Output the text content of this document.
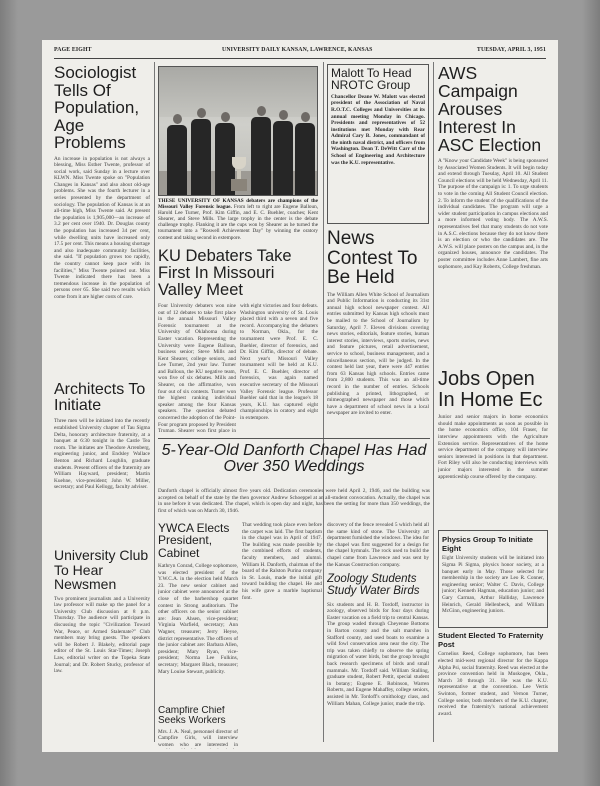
PAGE EIGHT	UNIVERSITY DAILY KANSAN, LAWRENCE, KANSAS	TUESDAY, APRIL 3, 1951
Sociologist Tells Of Population, Age Problems
An increase in population is not always a blessing, Miss Esther Twente, professor of social work, said Sunday in a lecture over KLWN. Miss Twente spoke on "Population Changes in Kansas" and also about old-age problems. She was the fourth lecturer in a series presented by the department of sociology. The population of Kansas is at an all-time high, Miss Twente said. At present the population is 1,905,000—an increase of 3.2 per cent over 1940. Dr. Douglas county the population has increased 34 per cent, while dwelling units have increased only 17.5 per cent. This means a housing shortage and also inadequate community facilities, she said. "If population grows too rapidly, the country cannot keep pace with its facilities," Miss Twente pointed out. Miss Twente indicated there has been a tremendous increase in the population of persons over 65. She said two results which come from it are higher costs of care.
Architects To Initiate
Three men will be initiated into the recently established University chapter of Tau Sigma Delta, honorary architecture fraternity, at a banquet at 6:30 tonight in the Castle Tea room. The initiates are Theodore Arrenberg, engineering junior, and Endsley Wallace Benton and Richard Loughlin, graduate students. Present officers of the fraternity are William Hayward, president; Martin Kuehne, vice-president; John W. Miller, secretary; and Paul Kellogg, faculty adviser.
University Club To Hear Newsmen
Two prominent journalists and a University law professor will make up the panel for a University Club discussion at 8 p.m. Thursday. The audience will participate in discussing the topic "Civilization Toward War, Peace, or Armed Stalemate?" Club members may bring guests. The speakers will be Robert J. Blakely, editorial page editor of the St. Louis Star-Times; Joseph Law, editorial writer on the Topeka State Journal; and Dr. Robert Stucky, professor of law.
THESE UNIVERSITY OF KANSAS debaters are champions of the Missouri Valley Forensic league. From left to right are Eugene Balloun, Harold Lee Turner, Prof. Kim Giffin, and E. C. Buehler, coaches; Kent Shearer, and Steve Mills. The large trophy in the center is the debate challenge trophy. Flanking it are the cups won by Shearer as he turned the tournament into a "Roswell Achievement Day" by winning the oratory contest and taking second in extempore.
KU Debaters Take First In Missouri Valley Meet
Four University debaters won nine out of 12 debates to take first place in the annual Missouri Valley Forensic tournament at the University of Oklahoma during Easter vacation. Representing the University were Eugene Balloun, business senior; Steve Mills and Kent Shearer, college seniors, and Lee Turner, 2nd year law. Turner and Balloun, the KU negative team, won five of six debates. Mills and Shearer, on the affirmative, won four out of six contests. Turner won the highest ranking individual speaker among the four Kansas speakers. The question debated concerned the adoption of the Point-Four program proposed by President Truman. Shearer won first place in
with eight victories and four defeats. Washington university of St. Louis placed third with a seven and five record. Accompanying the debaters to Norman, Okla., for the tournament were Prof. E. C. Buehler, director of forensics, and Dr. Kim Giffin, director of debate. Next year's Missouri Valley tournament will be held at K.U. Prof. E. C. Buehler, director of forensics, was again named executive secretary of the Missouri Valley Forensic league. Professor Buehler said that in the league's 18 years, K.U. has captured eight championships in oratory and eight in extempore.
5-Year-Old Danforth Chapel Has Had Over 350 Weddings
Danforth chapel is officially almost five years old. Dedication ceremonies were held April 2, 1946, and the building was accepted on behalf of the state by the then governor Andrew Schoeppel at an all-student convocation. Actually, the chapel was in use before it was dedicated. The chapel, which is open day and night, has been the setting for more than 350 weddings, the first of which was on March 30, 1946.
YWCA Elects President, Cabinet
Kathryn Conrad, College sophomore, was elected president of the Y.W.C.A. in the election held March 23. The new senior cabinet and junior cabinet were announced at the close of the barbershop quartet contest in Strong auditorium. The other officers on the senior cabinet are: Jean Ahsen, vice-president; Virginia Warfield, secretary; Ann Wagner, treasurer; Jerry Heyse, district representative. The officers of the junior cabinet are: Barbara Allen, president; Mary Ryan, vice-president; Norma Lee Fulkins, secretary; Margaret Black, treasurer; Mary Louise Stewart, publicity.
Campfire Chief Seeks Workers
Mrs. J. A. Neal, personnel director of Campfire Girls, will interview women who are interested in
That wedding took place even before the carpet was laid. The first baptism in the chapel was in April of 1947. The building was made possible by the combined efforts of students, faculty members, and alumni. William H. Danforth, chairman of the board of the Ralston Purina company in St. Louis, made the initial gift toward building the chapel. He and his wife gave a marble baptismal font.
discovery of the fence revealed 5 which held all the same kind of stone. The University art department furnished the windows. The idea for the chapel was first suggested for a design for the chapel hymnals. The rock used to build the chapel came from Lawrence and was sent by the Kansas Construction company.
Zoology Students Study Water Birds
Six students and H. B. Tordoff, instructor in zoology, observed birds for four days during Easter vacation on a field trip to central Kansas. The group waded through Cheyenne Bottoms in Barton county and the salt marshes in Stafford county, and used boats to examine a wild fowl conservation area near the city. The trip was taken chiefly to observe the spring migration of water birds, but the group brought back research specimens of birds and small mammals. Mr. Tordoff said. William Stalling, graduate student, Robert Pettit, special student in botany; Eugene E. Robinson, Warren Roberts, and Eugene Mahaffey, college seniors, assisted in Mr. Tordoff's ornithology class, and William Mahan, College junior, made the trip.
Malott To Head NROTC Group
Chancellor Deane W. Malott was elected president of the Association of Naval R.O.T.C. Colleges and Universities at its annual meeting Monday in Chicago. Presidents and representatives of 52 institutions met Monday with Rear Admiral Cary B. Jones, commandant of the ninth naval district, and officers from Washington. Dean T. DeWitt Carr of the School of Engineering and Architecture was the K.U. representative.
News Contest To Be Held
The William Allen White School of Journalism and Public Information is conducting its 31st annual high school newspaper contest. All entries submitted by Kansas high schools must be mailed to the School of Journalism by Saturday, April 7. Eleven divisions covering news stories, editorials, feature stories, human interest stories, interviews, sports stories, news and feature pictures, retail advertisement, service to school, business management, and a miscellaneous section, will be judged. In the contest held last year, there were 447 entries from 63 Kansas high schools. Entries came from 2,800 students. This was an all-time record in the number of entries. Schools publishing a printed, lithographed, or mimeographed newspaper and those which have a department of school news in a local newspaper are invited to enter.
AWS Campaign Arouses Interest In ASC Election
A "Know your Candidate Week" is being sponsored by Associated Women Students. It will begin today and extend through Tuesday, April 10. All Student Council elections will be held Wednesday, April 11. The purpose of the campaign is: 1. To urge students to vote in the coming All Student Council election. 2. To inform the student of the qualifications of the individual candidates. The program will urge a wider student participation in campus elections and a more informed voting body. The A.W.S. representatives feel that many students do not vote in A.S.C. elections because they do not know there is an election or who the candidates are. The A.W.S. will place posters on the campus and, in the organized houses, announce the candidates. The poster committee includes Anne Lambert, fine arts sophomore, and Kay Roberts, College freshman.
Jobs Open In Home Ec
Junior and senior majors in home economics should make appointments as soon as possible in the home economics office, 104 Fraser, for interview appointments with the Agriculture Extension service. Representatives of the home service department of the company will interview seniors interested in positions in that department. Fort Riley will also be conducting interviews with junior majors interested in the summer apprenticeship course offered by the company.
Physics Group To Initiate Eight
Eight University students will be initiated into Sigma Pi Sigma, physics honor society, at a banquet early in May. Those selected for membership in the society are Leo R. Conner, engineering senior; Walter C. Davis, College junior; Kenneth Hagman, education junior; and Gary Carman, Arthur Halliday, Lawrence Heinrich, Gerald Hellenbeck, and William McGinn, engineering juniors.
Student Elected To Fraternity Post
Cornelius Reed, College sophomore, has been elected mid-west regional director for the Kappa Alpha Psi, social fraternity. Reed was elected at the province convention held in Muskogee, Okla., March 30 through 31. He was the K.U. representative at the convention. Lee Vertis Swinton, former student, and Vernon Turner, College senior, both members of the K.U. chapter, received the fraternity's national achievement award.
